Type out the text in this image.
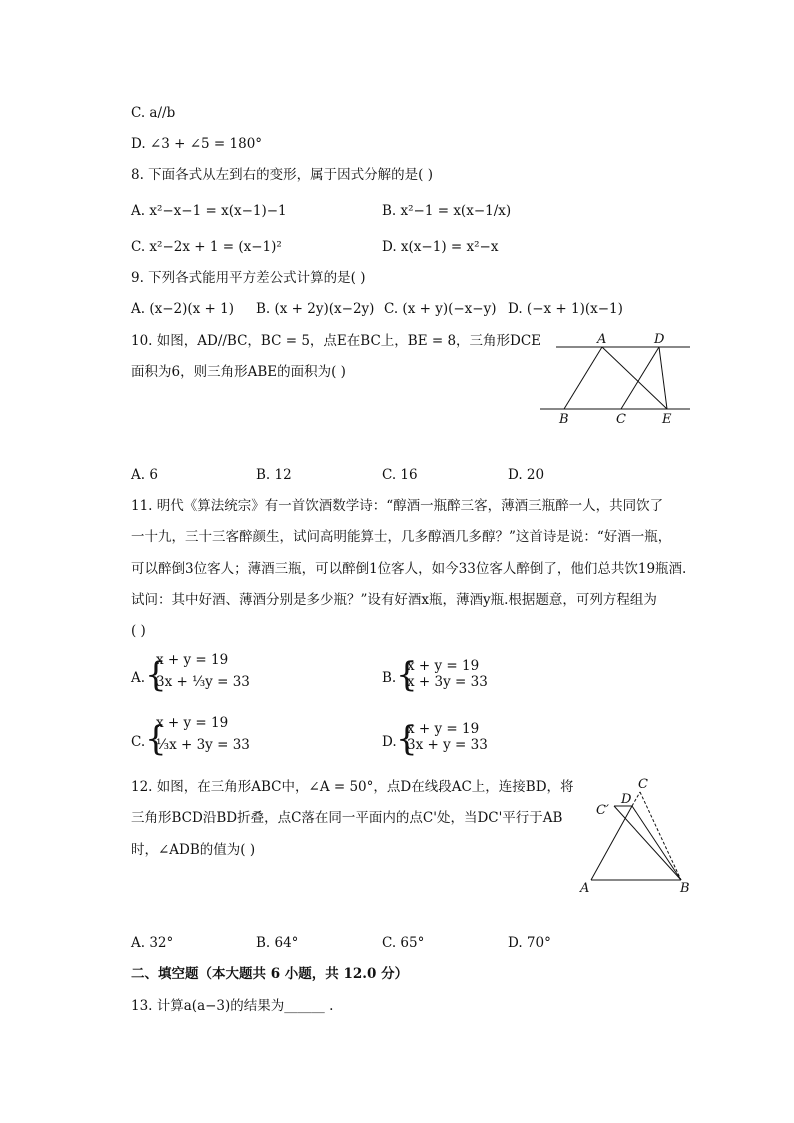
C. a//b
D. ∠3 + ∠5 = 180°
8. 下面各式从左到右的变形，属于因式分解的是( )
A. x²−x−1 = x(x−1)−1	B. x²−1 = x(x−1/x)
C. x²−2x + 1 = (x−1)²	D. x(x−1) = x²−x
9. 下列各式能用平方差公式计算的是( )
A. (x−2)(x + 1) B. (x + 2y)(x−2y) C. (x + y)(−x−y) D. (−x + 1)(x−1)
10. 如图，AD//BC，BC = 5，点E在BC上，BE = 8，三角形DCE
面积为6，则三角形ABE的面积为( )
A	D
B	C	E
A. 6	B. 12	C. 16	D. 20
11. 明代《算法统宗》有一首饮酒数学诗：“醇酒一瓶醉三客，薄酒三瓶醉一人，共同饮了
一十九，三十三客醉颜生，试问高明能算士，几多醇酒几多醇？”这首诗是说：“好酒一瓶，
可以醉倒3位客人；薄酒三瓶，可以醉倒1位客人，如今33位客人醉倒了，他们总共饮19瓶酒.
试问：其中好酒、薄酒分别是多少瓶？”设有好酒x瓶，薄酒y瓶.根据题意，可列方程组为
( )
A. {
x + y = 19
3x + ⅓y = 33	B. {
x + y = 19
x + 3y = 33
C. {
x + y = 19
⅓x + 3y = 33	D. {
x + y = 19
3x + y = 33
12. 如图，在三角形ABC中，∠A = 50°，点D在线段AC上，连接BD，将
三角形BCD沿BD折叠，点C落在同一平面内的点C'处，当DC'平行于AB
时，∠ADB的值为( )
C
D
C′
A	B
A. 32°	B. 64°	C. 65°	D. 70°
二、填空题（本大题共 6 小题，共 12.0 分）
13. 计算a(a−3)的结果为______ .
